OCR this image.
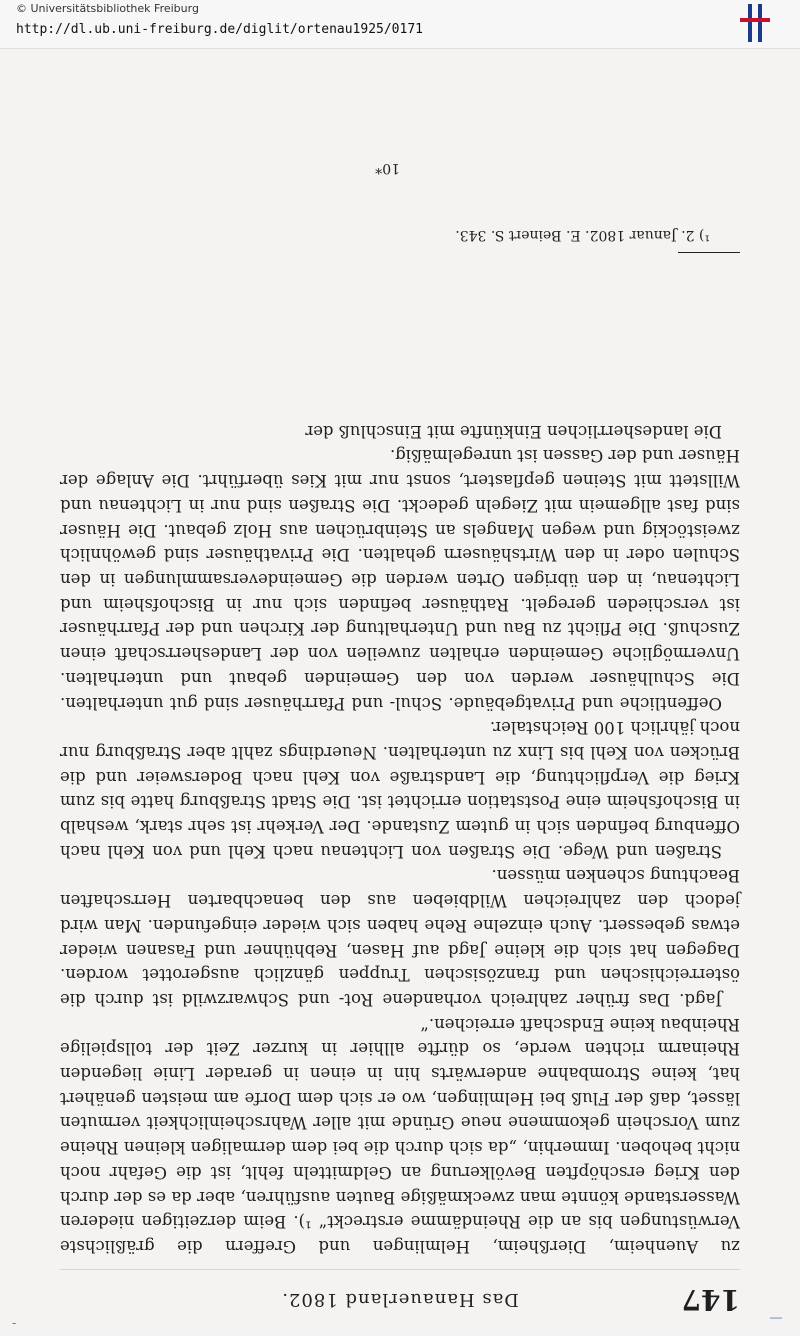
147
Das Hanauerland 1802.

zu Auenheim, Dierßheim, Helmlingen und Greffern die gräßlichste Verwüstungen bis an die Rheindämme erstreckt“ ¹). Beim derzeitigen niederen Wasserstande könnte man zweckmäßige Bauten ausführen, aber da es der durch den Krieg erschöpften Bevölkerung an Geldmitteln fehlt, ist die Gefahr noch nicht behoben. Immerhin, „da sich durch die bei dem dermaligen kleinen Rheine zum Vorschein gekommene neue Gründe mit aller Wahrscheinlichkeit vermuten lässet, daß der Fluß bei Helmlingen, wo er sich dem Dorfe am meisten genähert hat, keine Strombahne anderwärts hin in einen in gerader Linie liegenden Rheinarm richten werde, so dürfte allhier in kurzer Zeit der tollspielige Rheinbau keine Endschaft erreichen.“

Jagd. Das früher zahlreich vorhandene Rot- und Schwarzwild ist durch die österreichischen und französischen Truppen gänzlich ausgerottet worden. Dagegen hat sich die kleine Jagd auf Hasen, Rebhühner und Fasanen wieder etwas gebessert. Auch einzelne Rehe haben sich wieder eingefunden. Man wird jedoch den zahlreichen Wildbieben aus den benachbarten Herrschaften Beachtung schenken müssen.

Straßen und Wege. Die Straßen von Lichtenau nach Kehl und von Kehl nach Offenburg befinden sich in gutem Zustande. Der Verkehr ist sehr stark, weshalb in Bischofsheim eine Poststation errichtet ist. Die Stadt Straßburg hatte bis zum Krieg die Verpflichtung, die Landstraße von Kehl nach Bodersweier und die Brücken von Kehl bis Linx zu unterhalten. Neuerdings zahlt aber Straßburg nur noch jährlich 100 Reichstaler.

Oeffentliche und Privatgebäude. Schul- und Pfarrhäuser sind gut unterhalten. Die Schulhäuser werden von den Gemeinden gebaut und unterhalten. Unvermögliche Gemeinden erhalten zuweilen von der Landesherrschaft einen Zuschuß. Die Pflicht zu Bau und Unterhaltung der Kirchen und der Pfarrhäuser ist verschieden geregelt. Rathäuser befinden sich nur in Bischofsheim und Lichtenau, in den übrigen Orten werden die Gemeindeversammlungen in den Schulen oder in den Wirtshäusern gehalten. Die Privathäuser sind gewöhnlich zweistöckig und wegen Mangels an Steinbrüchen aus Holz gebaut. Die Häuser sind fast allgemein mit Ziegeln gedeckt. Die Straßen sind nur in Lichtenau und Willstett mit Steinen gepflastert, sonst nur mit Kies überführt. Die Anlage der Häuser und der Gassen ist unregelmäßig.

Die landesherrlichen Einkünfte mit Einschluß der

¹) 2. Januar 1802. E. Beinert S. 343.
10*
© Universitätsbibliothek Freiburg
http://dl.ub.uni-freiburg.de/diglit/ortenau1925/0171
‾‾
-
